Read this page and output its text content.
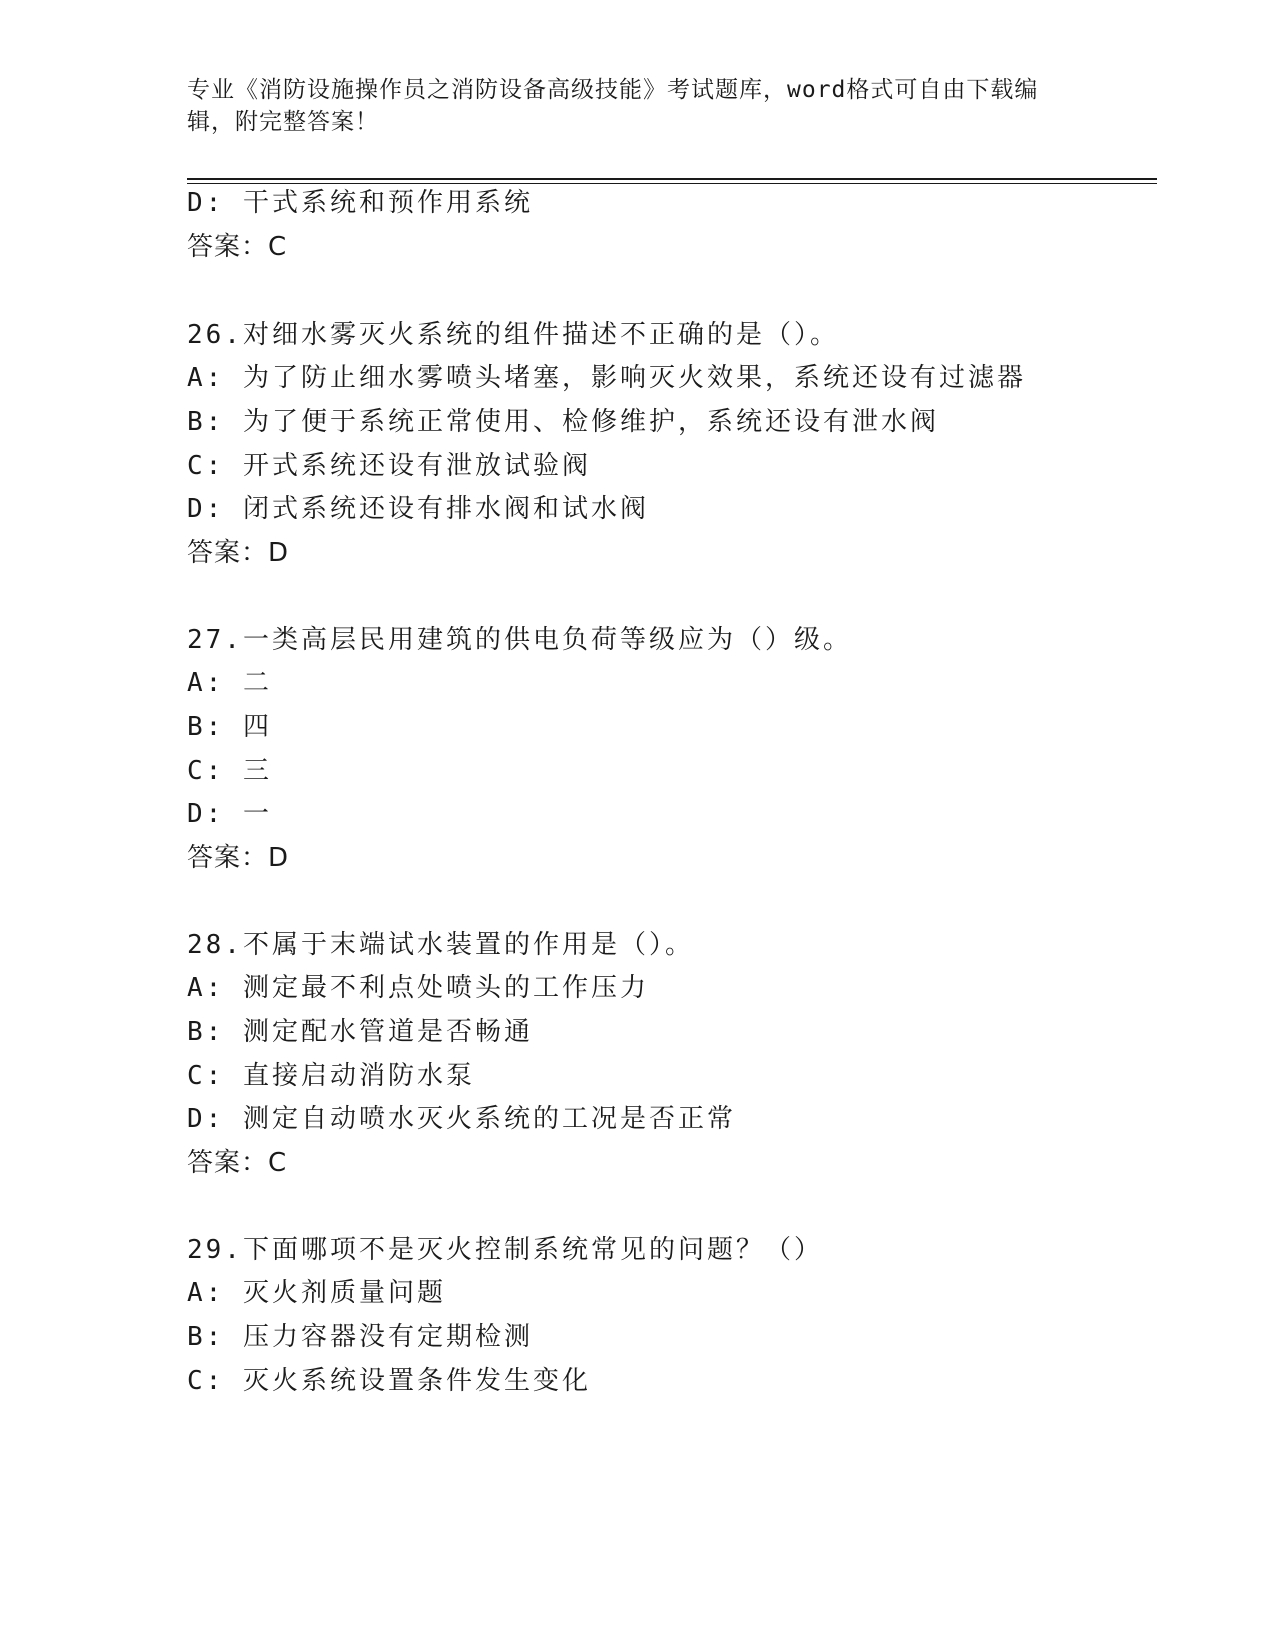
专业《消防设施操作员之消防设备高级技能》考试题库，word格式可自由下载编
辑，附完整答案！
D: 干式系统和预作用系统
答案：C
26.对细水雾灭火系统的组件描述不正确的是（）。
A: 为了防止细水雾喷头堵塞，影响灭火效果，系统还设有过滤器
B: 为了便于系统正常使用、检修维护，系统还设有泄水阀
C: 开式系统还设有泄放试验阀
D: 闭式系统还设有排水阀和试水阀
答案：D
27.一类高层民用建筑的供电负荷等级应为（）级。
A: 二
B: 四
C: 三
D: 一
答案：D
28.不属于末端试水装置的作用是（）。
A: 测定最不利点处喷头的工作压力
B: 测定配水管道是否畅通
C: 直接启动消防水泵
D: 测定自动喷水灭火系统的工况是否正常
答案：C
29.下面哪项不是灭火控制系统常见的问题？（）
A: 灭火剂质量问题
B: 压力容器没有定期检测
C: 灭火系统设置条件发生变化
